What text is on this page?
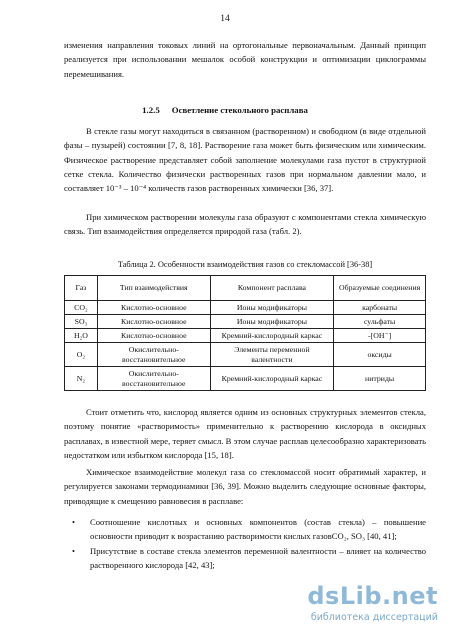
14

изменения направления токовых линий на ортогональные первоначальным. Данный принцип реализуется при использовании мешалок особой конструкции и оптимизации циклограммы перемешивания.

1.2.5 Осветление стекольного расплава

В стекле газы могут находиться в связанном (растворенном) и свободном (в виде отдельной фазы – пузырей) состоянии [7, 8, 18]. Растворение газа может быть физическим или химическим. Физическое растворение представляет собой заполнение молекулами газа пустот в структурной сетке стекла. Количество физически растворенных газов при нормальном давлении мало, и составляет 10⁻³ – 10⁻⁴ количеств газов растворенных химически [36, 37].

При химическом растворении молекулы газа образуют с компонентами стекла химическую связь. Тип взаимодействия определяется природой газа (табл. 2).

Таблица 2. Особенности взаимодействия газов со стекломассой [36-38]
Газ	Тип взаимодействия	Компонент расплава	Образуемые соединения
CO₂	Кислотно-основное	Ионы модификаторы	карбонаты
SO₃	Кислотно-основное	Ионы модификаторы	сульфаты
H₂O	Кислотно-основное	Кремний-кислородный каркас	-[OH⁻]
O₂	Окислительно-восстановительное	Элементы переменной валентности	оксиды
N₂	Окислительно-восстановительное	Кремний-кислородный каркас	нитриды

Стоит отметить что, кислород является одним из основных структурных элементов стекла, поэтому понятие «растворимость» применительно к растворению кислорода в оксидных расплавах, в известной мере, теряет смысл. В этом случае расплав целесообразно характеризовать недостатком или избытком кислорода [15, 18].

Химическое взаимодействие молекул газа со стекломассой носит обратимый характер, и регулируется законами термодинамики [36, 39]. Можно выделить следующие основные факторы, приводящие к смещению равновесия в расплаве:

• Соотношение кислотных и основных компонентов (состав стекла) – повышение основности приводит к возрастанию растворимости кислых газовCO₂, SO₃ [40, 41];
• Присутствие в составе стекла элементов переменной валентности – влияет на количество растворенного кислорода [42, 43];
dsLib.net
библиотека диссертаций
